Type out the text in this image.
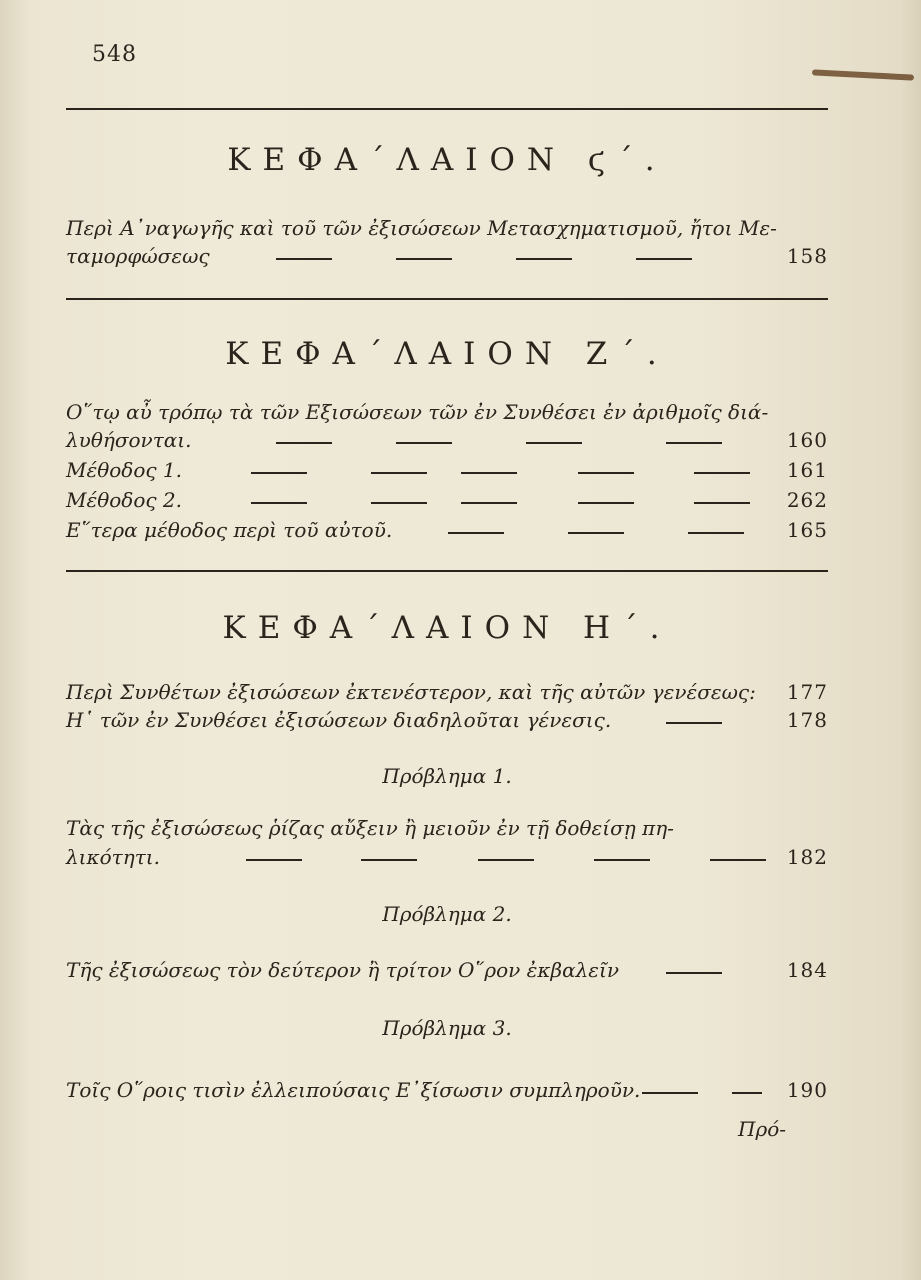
548
ΚΕΦΑ΄ΛΑΙΟΝ ϛ΄.
Περὶ Α᾿ναγωγῆς καὶ τοῦ τῶν ἐξισώσεων Μετασχηματισμοῦ, ἤτοι Με-
ταμορφώσεως	158
ΚΕΦΑ΄ΛΑΙΟΝ Ζ΄.
Ο῞τῳ αὖ τρόπῳ τὰ τῶν Εξισώσεων τῶν ἐν Συνθέσει ἐν ἀριθμοῖς διά-
λυθήσονται.	160
Μέθοδος 1.	161
Μέθοδος 2.	262
Ε῞τερα μέθοδος περὶ τοῦ αὐτοῦ.	165
ΚΕΦΑ΄ΛΑΙΟΝ Η΄.
Περὶ Συνθέτων ἐξισώσεων ἐκτενέστερον, καὶ τῆς αὐτῶν γενέσεως: 177
Η῾ τῶν ἐν Συνθέσει ἐξισώσεων διαδηλοῦται γένεσις.	178
Πρόβλημα 1.
Τὰς τῆς ἐξισώσεως ῥίζας αὔξειν ἢ μειοῦν ἐν τῇ δοθείσῃ πη-
λικότητι.	182
Πρόβλημα 2.
Τῆς ἐξισώσεως τὸν δεύτερον ἢ τρίτον Ο῞ρον ἐκβαλεῖν	184
Πρόβλημα 3.
Τοῖς Ο῞ροις τισὶν ἐλλειπούσαις Ε᾿ξίσωσιν συμπληροῦν.	190
Πρό-
